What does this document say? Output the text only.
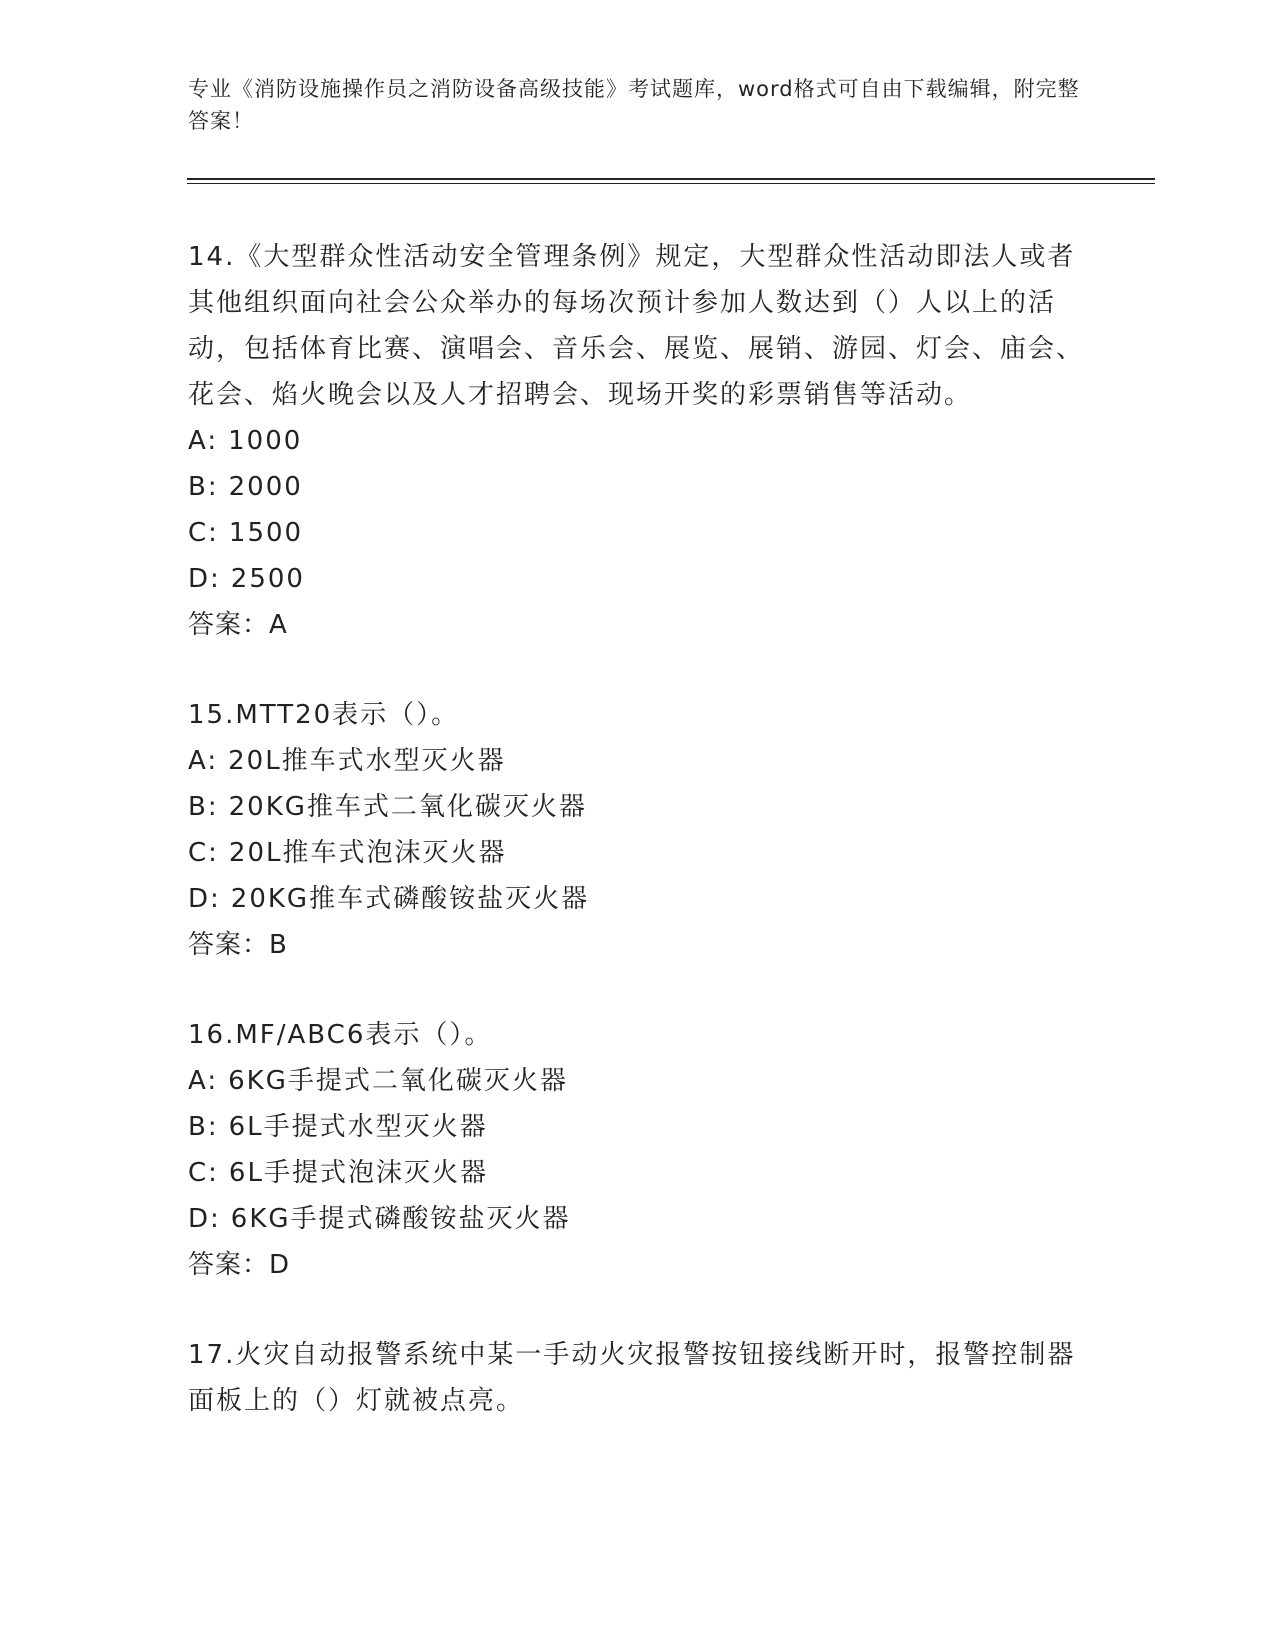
专业《消防设施操作员之消防设备高级技能》考试题库，word格式可自由下载编辑，附完整答案！

14.《大型群众性活动安全管理条例》规定，大型群众性活动即法人或者其他组织面向社会公众举办的每场次预计参加人数达到（）人以上的活动，包括体育比赛、演唱会、音乐会、展览、展销、游园、灯会、庙会、花会、焰火晚会以及人才招聘会、现场开奖的彩票销售等活动。

A: 1000
B: 2000
C: 1500
D: 2500
答案：A

15.MTT20表示（）。

A: 20L推车式水型灭火器
B: 20KG推车式二氧化碳灭火器
C: 20L推车式泡沫灭火器
D: 20KG推车式磷酸铵盐灭火器
答案：B

16.MF/ABC6表示（）。

A: 6KG手提式二氧化碳灭火器
B: 6L手提式水型灭火器
C: 6L手提式泡沫灭火器
D: 6KG手提式磷酸铵盐灭火器
答案：D

17.火灾自动报警系统中某一手动火灾报警按钮接线断开时，报警控制器面板上的（）灯就被点亮。
